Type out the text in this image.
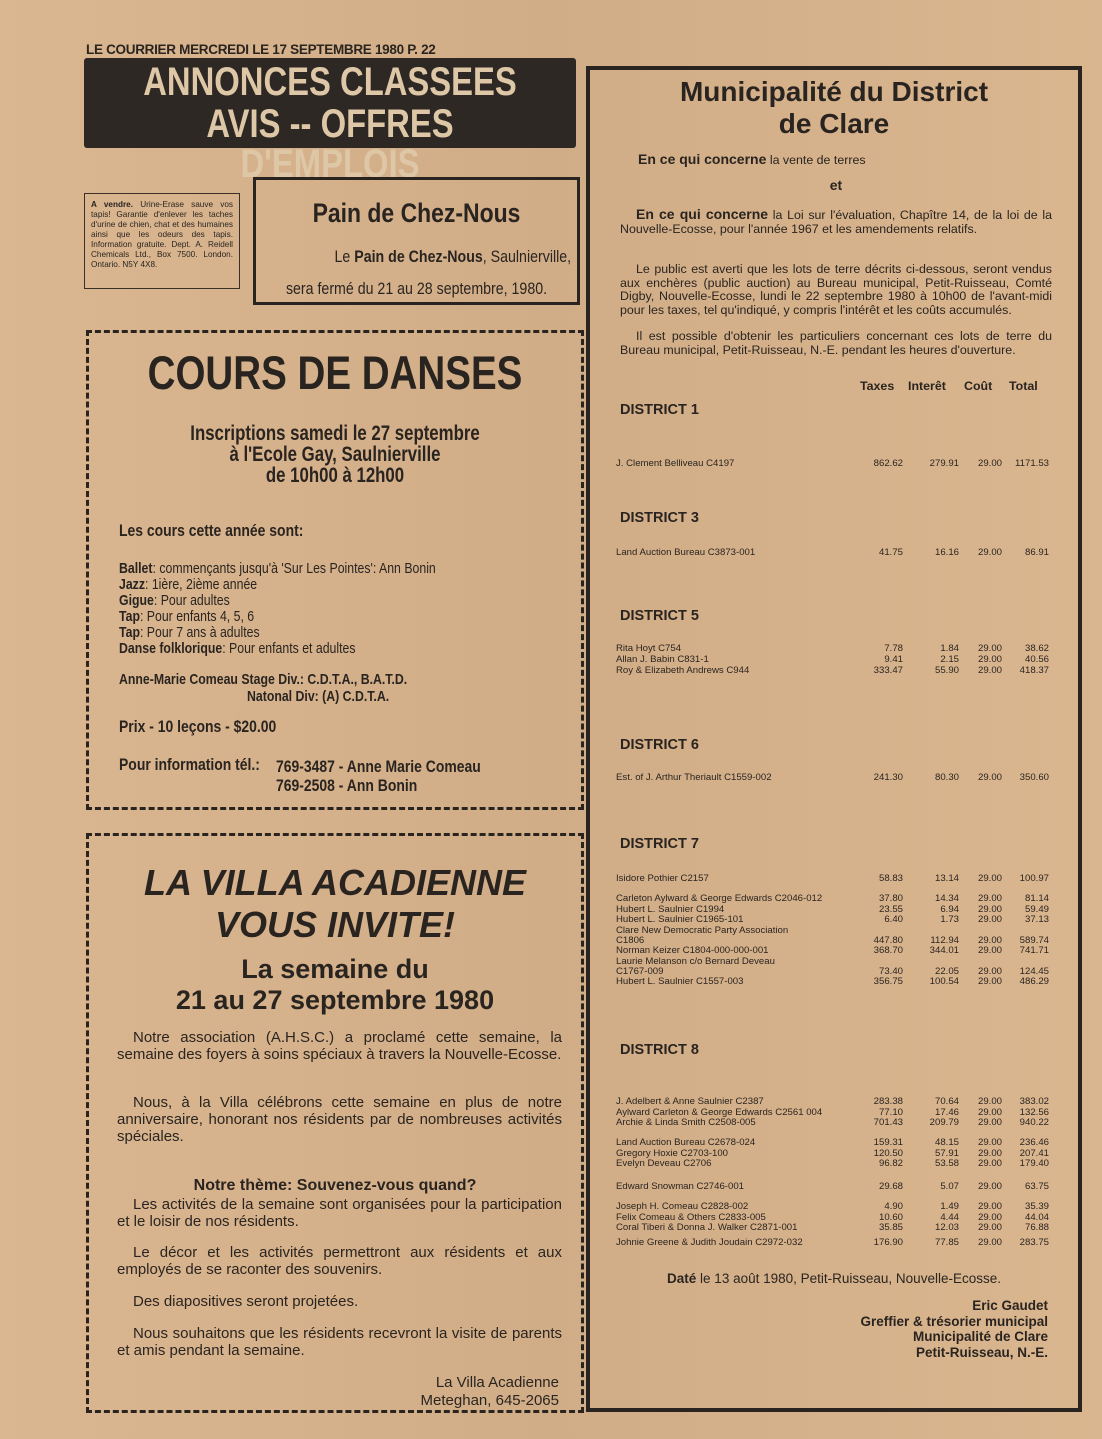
LE COURRIER MERCREDI LE 17 SEPTEMBRE 1980 P. 22
ANNONCES CLASSEES
AVIS -- OFFRES D'EMPLOIS
A vendre. Urine-Erase sauve vos tapis! Garantie d'enlever les taches d'urine de chien, chat et des humaines ainsi que les odeurs des tapis. Information gratuite. Dept. A. Reidell Chemicals Ltd., Box 7500. London. Ontario. N5Y 4X8.
Pain de Chez-Nous
Le Pain de Chez-Nous, Saulnierville,
sera fermé du 21 au 28 septembre, 1980.
COURS DE DANSES
Inscriptions samedi le 27 septembre
à l'Ecole Gay, Saulnierville
de 10h00 à 12h00
Les cours cette année sont:
Ballet: commençants jusqu'à 'Sur Les Pointes': Ann Bonin
Jazz: 1ière, 2ième année
Gigue: Pour adultes
Tap: Pour enfants 4, 5, 6
Tap: Pour 7 ans à adultes
Danse folklorique: Pour enfants et adultes
Anne-Marie Comeau Stage Div.: C.D.T.A., B.A.T.D.
Natonal Div: (A) C.D.T.A.
Prix - 10 leçons - $20.00
Pour information tél.: 769-3487 - Anne Marie Comeau
769-2508 - Ann Bonin
LA VILLA ACADIENNE
VOUS INVITE!
La semaine du
21 au 27 septembre 1980

Notre association (A.H.S.C.) a proclamé cette semaine, la semaine des foyers à soins spéciaux à travers la Nouvelle-Ecosse.

Nous, à la Villa célébrons cette semaine en plus de notre anniversaire, honorant nos résidents par de nombreuses activités spéciales.

Notre thème: Souvenez-vous quand?

Les activités de la semaine sont organisées pour la participation et le loisir de nos résidents.

Le décor et les activités permettront aux résidents et aux employés de se raconter des souvenirs.

Des diapositives seront projetées.

Nous souhaitons que les résidents recevront la visite de parents et amis pendant la semaine.

La Villa Acadienne
Meteghan, 645-2065
Municipalité du District
de Clare
En ce qui concerne la vente de terres
et
En ce qui concerne la Loi sur l'évaluation, Chapître 14, de la loi de la Nouvelle-Ecosse, pour l'année 1967 et les amendements relatifs.
Le public est averti que les lots de terre décrits ci-dessous, seront vendus aux enchères (public auction) au Bureau municipal, Petit-Ruisseau, Comté Digby, Nouvelle-Ecosse, lundi le 22 septembre 1980 à 10h00 de l'avant-midi pour les taxes, tel qu'indiqué, y compris l'intérêt et les coûts accumulés.
Il est possible d'obtenir les particuliers concernant ces lots de terre du Bureau municipal, Petit-Ruisseau, N.-E. pendant les heures d'ouverture.
Taxes Interêt Coût Total
DISTRICT 1
J. Clement Belliveau C4197	862.62	279.91	29.00	1171.53
DISTRICT 3
Land Auction Bureau C3873-001	41.75	16.16	29.00	86.91
DISTRICT 5
Rita Hoyt C754	7.78	1.84	29.00	38.62
Allan J. Babin C831-1	9.41	2.15	29.00	40.56
Roy & Elizabeth Andrews C944	333.47	55.90	29.00	418.37
DISTRICT 6
Est. of J. Arthur Theriault C1559-002	241.30	80.30	29.00	350.60
DISTRICT 7
Isidore Pothier C2157	58.83	13.14	29.00	100.97
Carleton Aylward & George Edwards C2046-012	37.80	14.34	29.00	81.14
Hubert L. Saulnier C1994	23.55	6.94	29.00	59.49
Hubert L. Saulnier C1965-101	6.40	1.73	29.00	37.13
Clare New Democratic Party Association
C1806	447.80	112.94	29.00	589.74
Norman Keizer C1804-000-000-001	368.70	344.01	29.00	741.71
Laurie Melanson c/o Bernard Deveau
C1767-009	73.40	22.05	29.00	124.45
Hubert L. Saulnier C1557-003	356.75	100.54	29.00	486.29
DISTRICT 8
J. Adelbert & Anne Saulnier C2387	283.38	70.64	29.00	383.02
Aylward Carleton & George Edwards C2561 004	77.10	17.46	29.00	132.56
Archie & Linda Smith C2508-005	701.43	209.79	29.00	940.22
Land Auction Bureau C2678-024	159.31	48.15	29.00	236.46
Gregory Hoxie C2703-100	120.50	57.91	29.00	207.41
Evelyn Deveau C2706	96.82	53.58	29.00	179.40
Edward Snowman C2746-001	29.68	5.07	29.00	63.75
Joseph H. Comeau C2828-002	4.90	1.49	29.00	35.39
Felix Comeau & Others C2833-005	10.60	4.44	29.00	44.04
Coral Tiberi & Donna J. Walker C2871-001	35.85	12.03	29.00	76.88
Johnie Greene & Judith Joudain C2972-032	176.90	77.85	29.00	283.75
Daté le 13 août 1980, Petit-Ruisseau, Nouvelle-Ecosse.
Eric Gaudet
Greffier & trésorier municipal
Municipalité de Clare
Petit-Ruisseau, N.-E.
